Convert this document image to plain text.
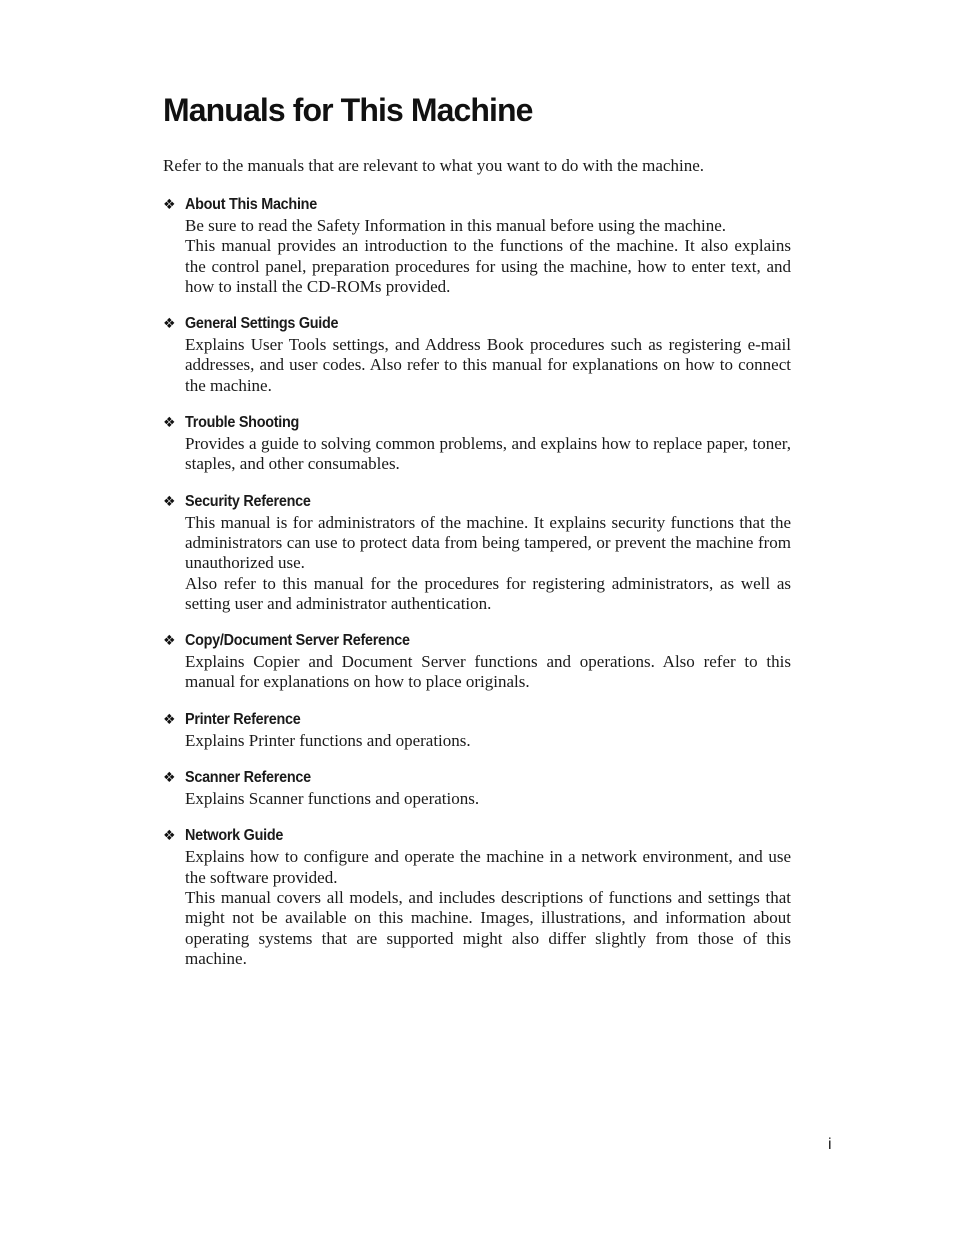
Manuals for This Machine

Refer to the manuals that are relevant to what you want to do with the machine.

❖ About This Machine

Be sure to read the Safety Information in this manual before using the machine.

This manual provides an introduction to the functions of the machine. It also explains the control panel, preparation procedures for using the machine, how to enter text, and how to install the CD-ROMs provided.

❖ General Settings Guide

Explains User Tools settings, and Address Book procedures such as registering e-mail addresses, and user codes. Also refer to this manual for explanations on how to connect the machine.

❖ Trouble Shooting

Provides a guide to solving common problems, and explains how to replace paper, toner, staples, and other consumables.

❖ Security Reference

This manual is for administrators of the machine. It explains security functions that the administrators can use to protect data from being tampered, or prevent the machine from unauthorized use.

Also refer to this manual for the procedures for registering administrators, as well as setting user and administrator authentication.

❖ Copy/Document Server Reference

Explains Copier and Document Server functions and operations. Also refer to this manual for explanations on how to place originals.

❖ Printer Reference

Explains Printer functions and operations.

❖ Scanner Reference

Explains Scanner functions and operations.

❖ Network Guide

Explains how to configure and operate the machine in a network environment, and use the software provided.

This manual covers all models, and includes descriptions of functions and settings that might not be available on this machine. Images, illustrations, and information about operating systems that are supported might also differ slightly from those of this machine.

i
